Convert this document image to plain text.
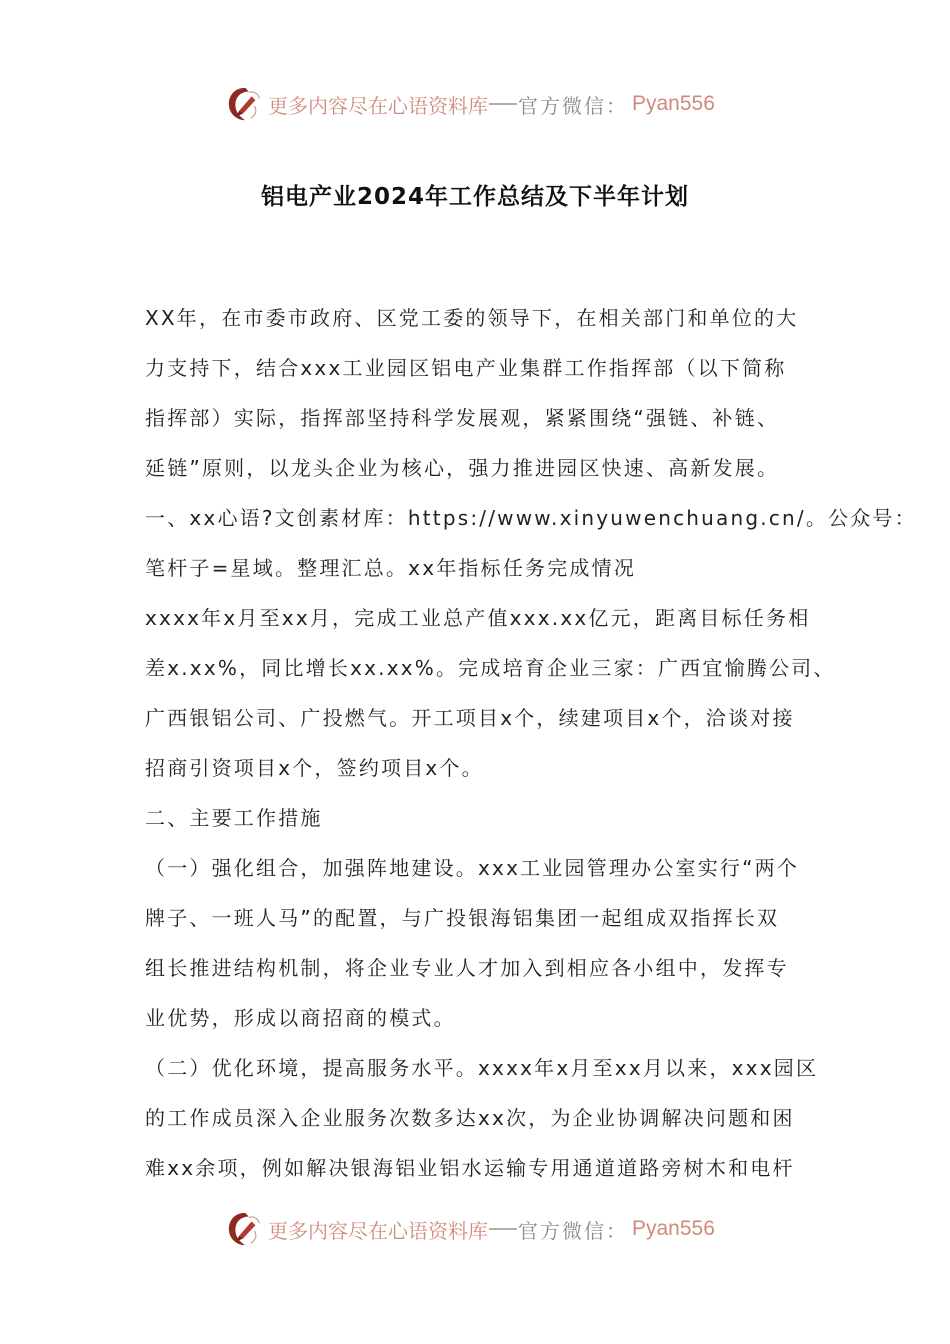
更多内容尽在心语资料库 官方微信： Pyan556
铝电产业2024年工作总结及下半年计划
XX年，在市委市政府、区党工委的领导下，在相关部门和单位的大
力支持下，结合xxx工业园区铝电产业集群工作指挥部（以下简称
指挥部）实际，指挥部坚持科学发展观，紧紧围绕“强链、补链、
延链”原则，以龙头企业为核心，强力推进园区快速、高新发展。
一、xx心语?文创素材库：https://www.xinyuwenchuang.cn/。公众号：
笔杆子=星域。整理汇总。xx年指标任务完成情况
xxxx年x月至xx月，完成工业总产值xxx.xx亿元，距离目标任务相
差x.xx%，同比增长xx.xx%。完成培育企业三家：广西宜愉腾公司、
广西银铝公司、广投燃气。开工项目x个，续建项目x个，洽谈对接
招商引资项目x个，签约项目x个。
二、主要工作措施
（一）强化组合，加强阵地建设。xxx工业园管理办公室实行“两个
牌子、一班人马”的配置，与广投银海铝集团一起组成双指挥长双
组长推进结构机制，将企业专业人才加入到相应各小组中，发挥专
业优势，形成以商招商的模式。
（二）优化环境，提高服务水平。xxxx年x月至xx月以来，xxx园区
的工作成员深入企业服务次数多达xx次，为企业协调解决问题和困
难xx余项，例如解决银海铝业铝水运输专用通道道路旁树木和电杆
更多内容尽在心语资料库 官方微信： Pyan556
